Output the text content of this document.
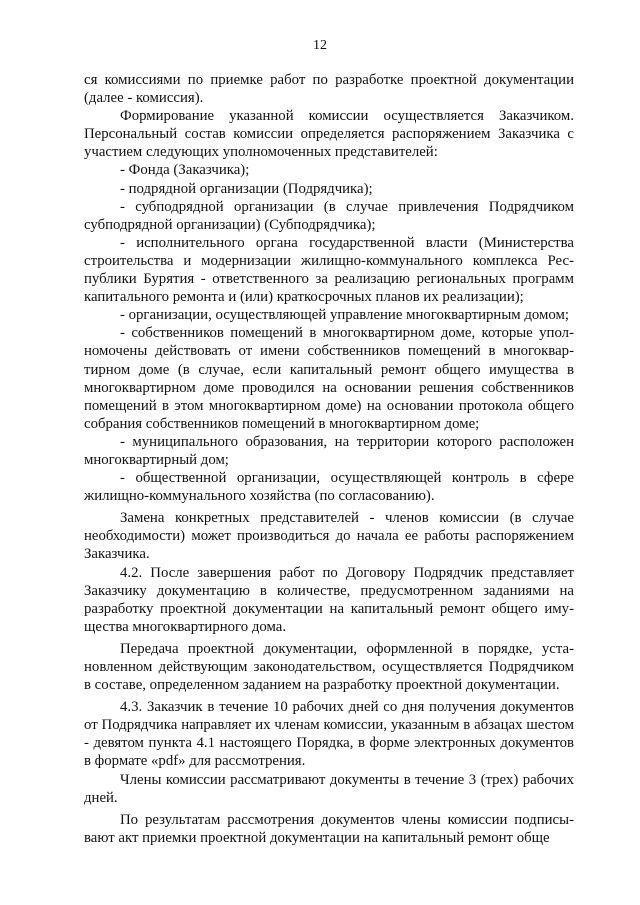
12

ся комиссиями по приемке работ по разработке проектной документации (далее - комиссия).

Формирование указанной комиссии осуществляется Заказчиком. Персональный состав комиссии определяется распоряжением Заказчика с участием следующих уполномоченных представителей:

- Фонда (Заказчика);

- подрядной организации (Подрядчика);

- субподрядной организации (в случае привлечения Подрядчиком субподрядной организации) (Субподрядчика);

- исполнительного органа государственной власти (Министерства строительства и модернизации жилищно-коммунального комплекса Республики Бурятия - ответственного за реализацию региональных программ капитального ремонта и (или) краткосрочных планов их реализации);

- организации, осуществляющей управление многоквартирным домом;

- собственников помещений в многоквартирном доме, которые уполномочены действовать от имени собственников помещений в многоквартирном доме (в случае, если капитальный ремонт общего имущества в многоквартирном доме проводился на основании решения собственников помещений в этом многоквартирном доме) на основании протокола общего собрания собственников помещений в многоквартирном доме;

- муниципального образования, на территории которого расположен многоквартирный дом;

- общественной организации, осуществляющей контроль в сфере жилищно-коммунального хозяйства (по согласованию).

Замена конкретных представителей - членов комиссии (в случае необходимости) может производиться до начала ее работы распоряжением Заказчика.

4.2. После завершения работ по Договору Подрядчик представляет Заказчику документацию в количестве, предусмотренном заданиями на разработку проектной документации на капитальный ремонт общего имущества многоквартирного дома.

Передача проектной документации, оформленной в порядке, установленном действующим законодательством, осуществляется Подрядчиком в составе, определенном заданием на разработку проектной документации.

4.3. Заказчик в течение 10 рабочих дней со дня получения документов от Подрядчика направляет их членам комиссии, указанным в абзацах шестом - девятом пункта 4.1 настоящего Порядка, в форме электронных документов в формате «pdf» для рассмотрения.

Члены комиссии рассматривают документы в течение 3 (трех) рабочих дней.

По результатам рассмотрения документов члены комиссии подписывают акт приемки проектной документации на капитальный ремонт обще
